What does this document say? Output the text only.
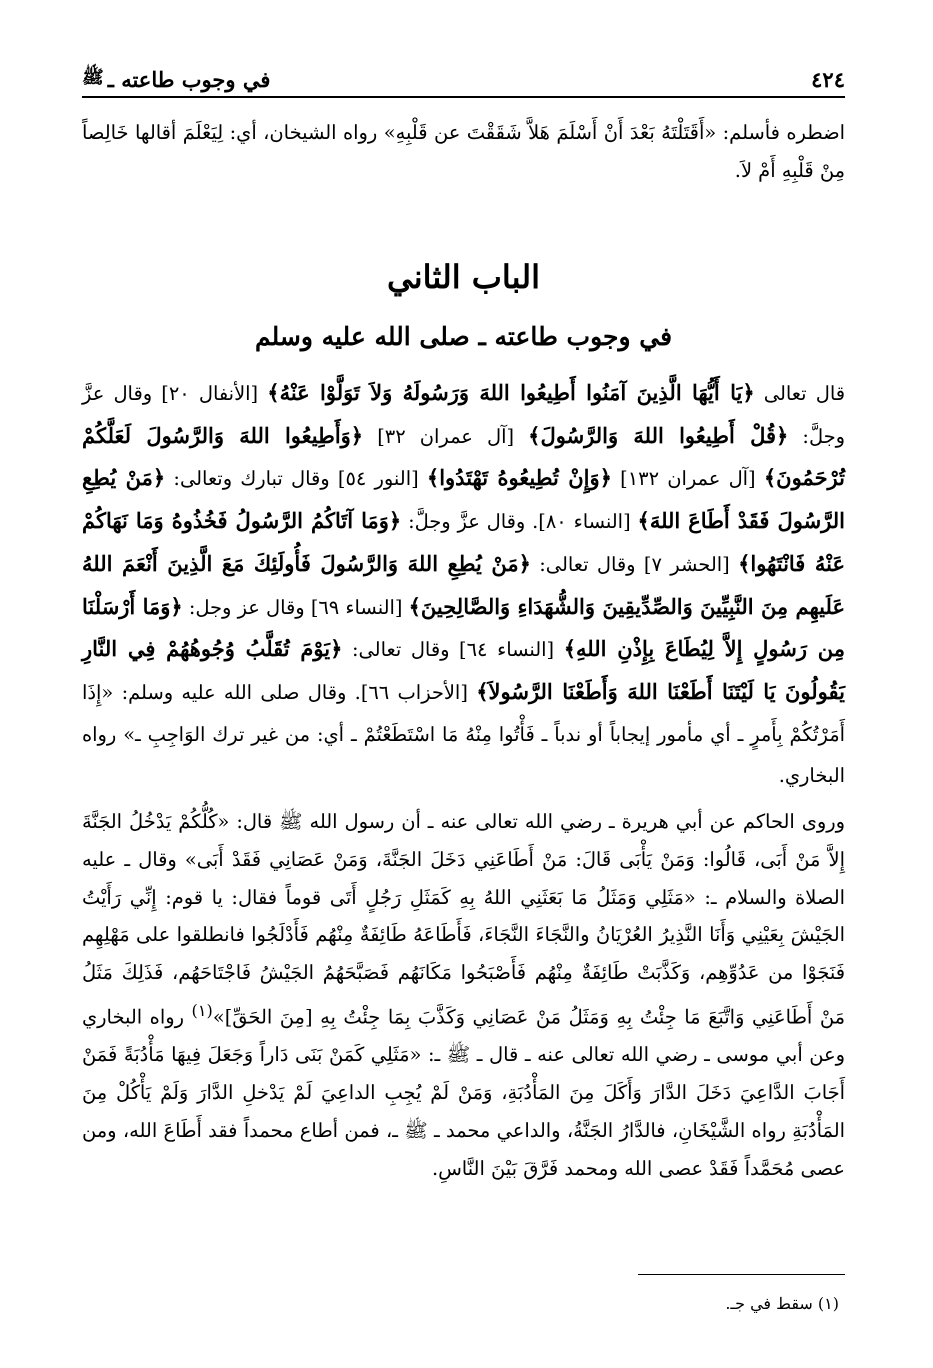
٤٢٤
في وجوب طاعته ـ
ﷺ

اضطره فأسلم: «أَقَتَلْتَهُ بَعْدَ أَنْ أَسْلَمَ هَلاَّ شَقَقْتَ عن قَلْبِهِ» رواه الشيخان، أي: لِيَعْلَمَ أقالها خَالِصاً مِنْ قَلْبِهِ أَمْ لاَ.

الباب الثاني
في وجوب طاعته ـ صلى الله عليه وسلم

قال تعالى ﴿يَا أَيُّهَا الَّذِينَ آمَنُوا أَطِيعُوا اللهَ وَرَسُولَهُ وَلاَ تَوَلَّوْا عَنْهُ﴾ [الأنفال ٢٠] وقال عزَّ وجلَّ: ﴿قُلْ أَطِيعُوا اللهَ وَالرَّسُولَ﴾ [آل عمران ٣٢] ﴿وَأَطِيعُوا اللهَ وَالرَّسُولَ لَعَلَّكُمْ تُرْحَمُونَ﴾ [آل عمران ١٣٢] ﴿وَإِنْ تُطِيعُوهُ تَهْتَدُوا﴾ [النور ٥٤] وقال تبارك وتعالى: ﴿مَنْ يُطِعِ الرَّسُولَ فَقَدْ أَطَاعَ اللهَ﴾ [النساء ٨٠]. وقال عزَّ وجلَّ: ﴿وَمَا آتَاكُمُ الرَّسُولُ فَخُذُوهُ وَمَا نَهَاكُمْ عَنْهُ فَانْتَهُوا﴾ [الحشر ٧] وقال تعالى: ﴿مَنْ يُطِعِ اللهَ وَالرَّسُولَ فَأُولَئِكَ مَعَ الَّذِينَ أَنْعَمَ اللهُ عَلَيهِم مِنَ النَّبِيِّينَ وَالصِّدِّيقِينَ وَالشُّهَدَاءِ وَالصَّالِحِينَ﴾ [النساء ٦٩] وقال عز وجل: ﴿وَمَا أَرْسَلْنَا مِن رَسُولٍ إِلاَّ لِيُطَاعَ بِإِذْنِ اللهِ﴾ [النساء ٦٤] وقال تعالى: ﴿يَوْمَ تُقَلَّبُ وُجُوهُهُمْ فِي النَّارِ يَقُولُونَ يَا لَيْتَنَا أَطَعْنَا اللهَ وَأَطَعْنَا الرَّسُولاَ﴾ [الأحزاب ٦٦]. وقال صلى الله عليه وسلم: «إِذَا أَمَرْتُكُمْ بِأَمرٍ ـ أي مأمور إيجاباً أو ندباً ـ فَأْتُوا مِنْهُ مَا اسْتَطَعْتُمْ ـ أي: من غير ترك الوَاجِبِ ـ» رواه البخاري.

وروى الحاكم عن أبي هريرة ـ رضي الله تعالى عنه ـ أن رسول الله ﷺ قال: «كُلُّكُمْ يَدْخُلُ الجَنَّةَ إِلاَّ مَنْ أَبَى، قَالُوا: وَمَنْ يَأْبَى قَالَ: مَنْ أَطَاعَنِي دَخَلَ الجَنَّةَ، وَمَنْ عَصَانِي فَقَدْ أَبَى» وقال ـ عليه الصلاة والسلام ـ: «مَثَلِي وَمَثَلُ مَا بَعَثَنِي اللهُ بِهِ كَمَثَلِ رَجُلٍ أَتَى قوماً فقال: يا قوم: إِنِّي رَأَيْتُ الجَيْشَ بِعَيْنِي وَأَنَا النَّذِيرُ العُرْيَانُ والنَّجَاءَ النَّجَاءَ، فَأَطَاعَهُ طَائِفَةٌ مِنْهُم فَأَدْلَجُوا فانطلقوا على مَهْلِهِم فَنَجَوْا من عَدُوِّهِم، وَكَذَّبَتْ طَائِفَةٌ مِنْهُم فَأَصْبَحُوا مَكَانَهُم فَصَبَّحَهُمُ الجَيْشُ فَاجْتَاحَهُم، فَذَلِكَ مَثَلُ مَنْ أَطَاعَنِي وَاتَّبَعَ مَا جِئْتُ بِهِ وَمَثَلُ مَنْ عَصَانِي وَكَذَّبَ بِمَا جِئْتُ بِهِ [مِنَ الحَقِّ]»$^{(١)}$ رواه البخاري وعن أبي موسى ـ رضي الله تعالى عنه ـ قال ـ ﷺ ـ: «مَثَلِي كَمَنْ بَنَى دَاراً وَجَعَلَ فِيهَا مَأْدُبَةً فَمَنْ أَجَابَ الدَّاعِيَ دَخَلَ الدَّارَ وَأَكَلَ مِنَ المَأْدُبَةِ، وَمَنْ لَمْ يُجِبِ الداعِيَ لَمْ يَدْخلِ الدَّارَ وَلَمْ يَأْكُلْ مِنَ المَأْدُبَةِ رواه الشَّيْخَانِ، فالدَّارُ الجَنَّةُ، والداعي محمد ـ ﷺ ـ، فمن أطاع محمداً فقد أَطَاعَ الله، ومن عصى مُحَمَّداً فَقَدْ عصى الله ومحمد فَرَّقَ بَيْنَ النَّاسِ.

(١) سقط في جـ.
